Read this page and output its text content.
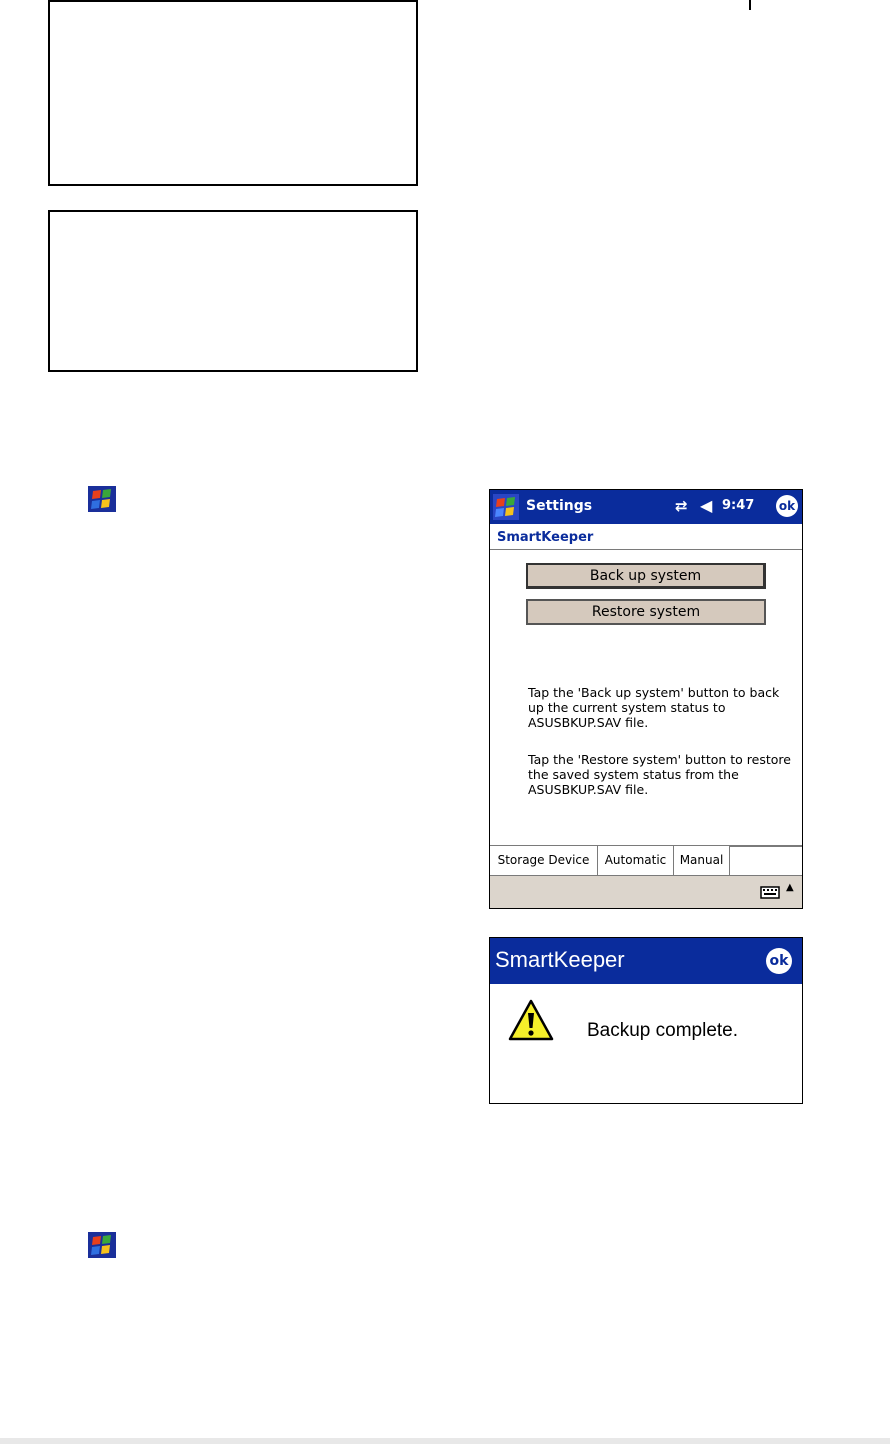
Settings	⇄ ◀ 9:47 ok
SmartKeeper
Back up system
Restore system
Tap the 'Back up system' button to back up the current system status to ASUSBKUP.SAV file.
Tap the 'Restore system' button to restore the saved system status from the ASUSBKUP.SAV file.
Storage Device	Automatic	Manual
▲
SmartKeeper	ok
Backup complete.
